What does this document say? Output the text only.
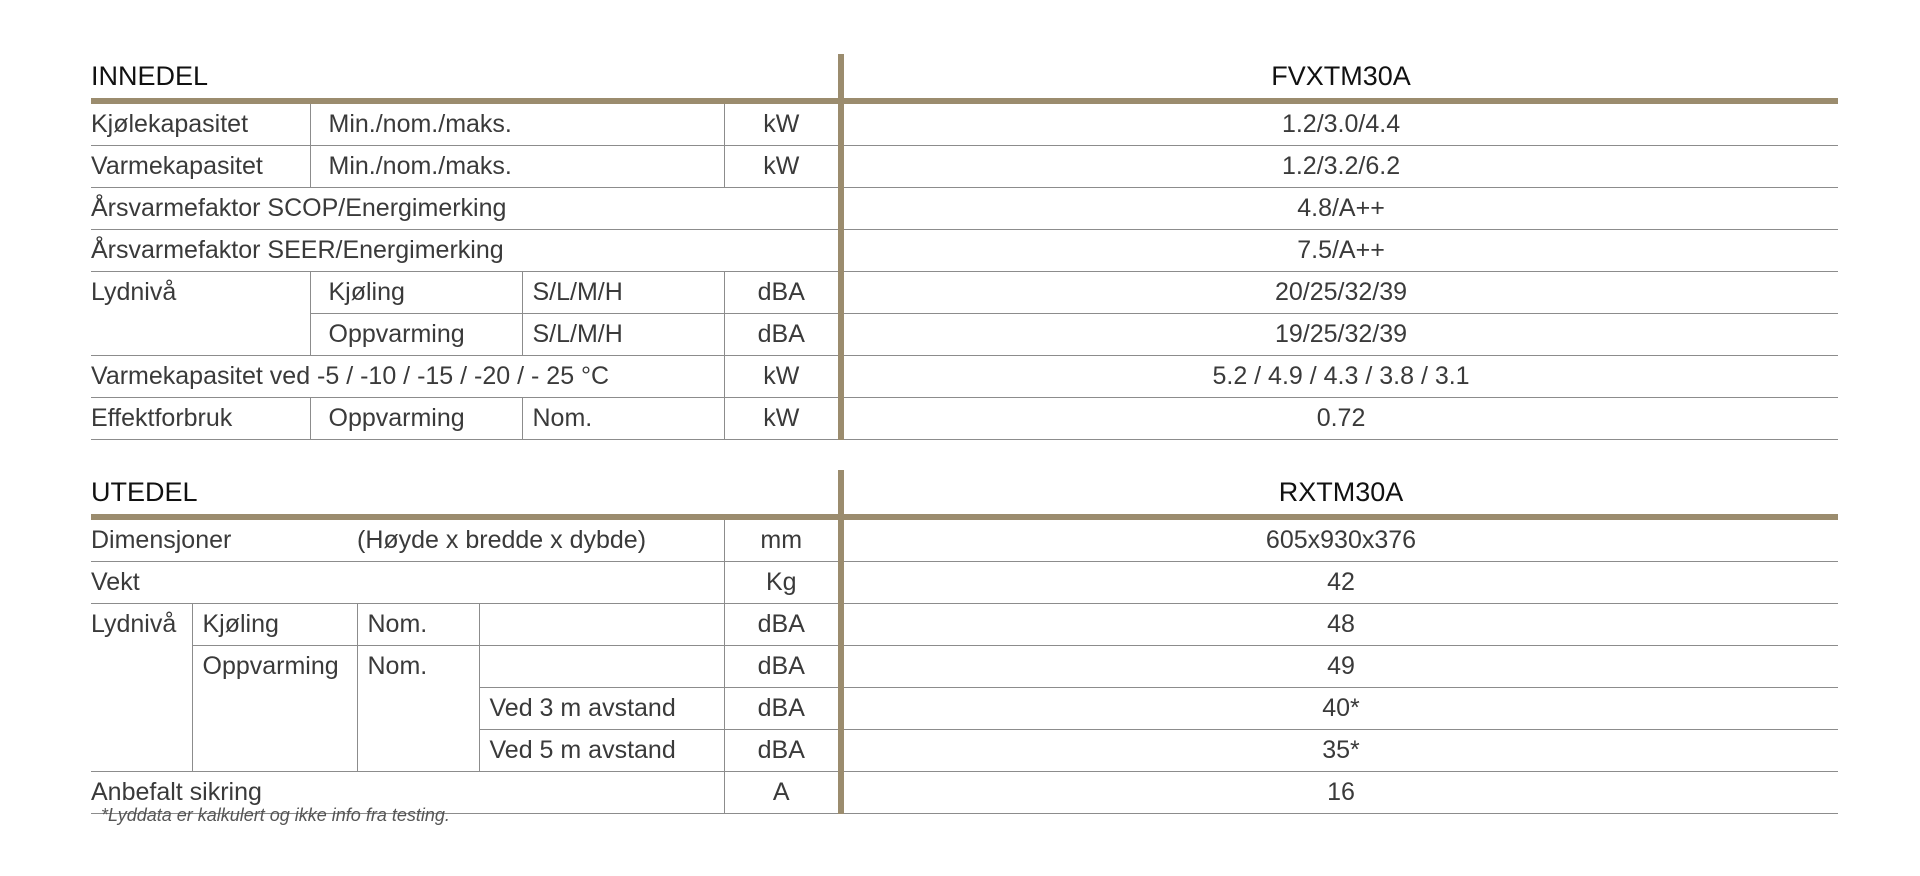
INNEDEL				FVXTM30A
Kjølekapasitet	Min./nom./maks.		kW	1.2/3.0/4.4
Varmekapasitet	Min./nom./maks.		kW	1.2/3.2/6.2
Årsvarmefaktor SCOP/Energimerking				4.8/A++
Årsvarmefaktor SEER/Energimerking				7.5/A++
Lydnivå	Kjøling	S/L/M/H	dBA	20/25/32/39
	Oppvarming	S/L/M/H	dBA	19/25/32/39
Varmekapasitet ved -5 / -10 / -15 / -20 / - 25 °C			kW	5.2 / 4.9 / 4.3 / 3.8 / 3.1
Effektforbruk	Oppvarming	Nom.	kW	0.72
UTEDEL					RXTM30A
Dimensjoner		(Høyde x bredde x dybde)		mm	605x930x376
Vekt				Kg	42
Lydnivå	Kjøling	Nom.		dBA	48
	Oppvarming	Nom.		dBA	49
			Ved 3 m avstand	dBA	40*
			Ved 5 m avstand	dBA	35*
Anbefalt sikring				A	16
*Lyddata er kalkulert og ikke info fra testing.
